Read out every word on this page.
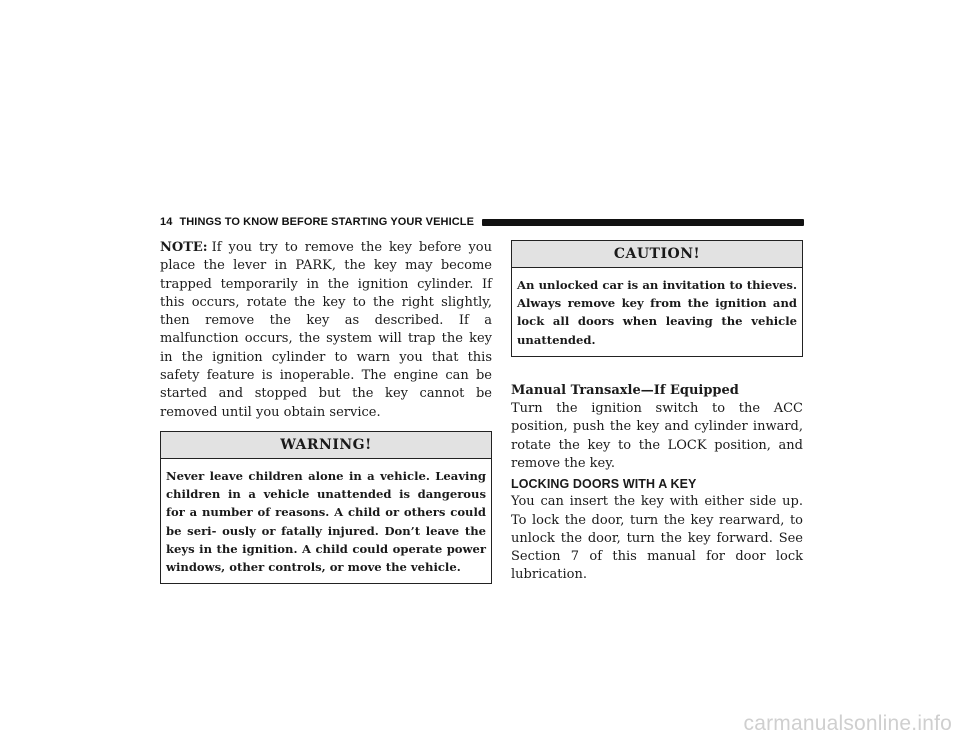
14 THINGS TO KNOW BEFORE STARTING YOUR VEHICLE

NOTE: If you try to remove the key before you place the lever in PARK, the key may become trapped temporarily in the ignition cylinder. If this occurs, rotate the key to the right slightly, then remove the key as described. If a malfunction occurs, the system will trap the key in the ignition cylinder to warn you that this safety feature is inoperable. The engine can be started and stopped but the key cannot be removed until you obtain service.

WARNING!
Never leave children alone in a vehicle. Leaving children in a vehicle unattended is dangerous for a number of reasons. A child or others could be seri- ously or fatally injured. Don’t leave the keys in the ignition. A child could operate power windows, other controls, or move the vehicle.
CAUTION!
An unlocked car is an invitation to thieves. Always remove key from the ignition and lock all doors when leaving the vehicle unattended.
Manual Transaxle—If Equipped

Turn the ignition switch to the ACC position, push the key and cylinder inward, rotate the key to the LOCK position, and remove the key.

LOCKING DOORS WITH A KEY

You can insert the key with either side up. To lock the door, turn the key rearward, to unlock the door, turn the key forward. See Section 7 of this manual for door lock lubrication.

carmanualsonline.info
